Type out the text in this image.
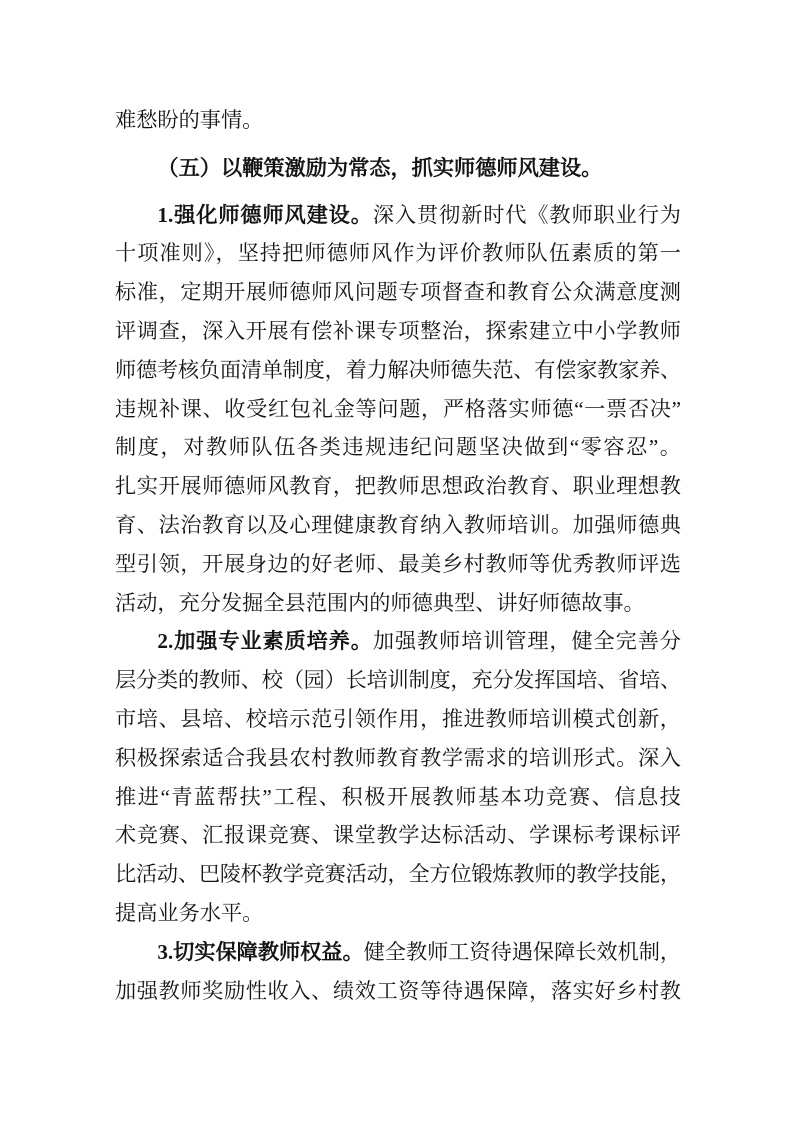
难愁盼的事情。
（五）以鞭策激励为常态，抓实师德师风建设。
1.强化师德师风建设。深入贯彻新时代《教师职业行为
十项准则》，坚持把师德师风作为评价教师队伍素质的第一
标准，定期开展师德师风问题专项督查和教育公众满意度测
评调查，深入开展有偿补课专项整治，探索建立中小学教师
师德考核负面清单制度，着力解决师德失范、有偿家教家养、
违规补课、收受红包礼金等问题，严格落实师德“一票否决”
制度，对教师队伍各类违规违纪问题坚决做到“零容忍”。
扎实开展师德师风教育，把教师思想政治教育、职业理想教
育、法治教育以及心理健康教育纳入教师培训。加强师德典
型引领，开展身边的好老师、最美乡村教师等优秀教师评选
活动，充分发掘全县范围内的师德典型、讲好师德故事。
2.加强专业素质培养。加强教师培训管理，健全完善分
层分类的教师、校（园）长培训制度，充分发挥国培、省培、
市培、县培、校培示范引领作用，推进教师培训模式创新，
积极探索适合我县农村教师教育教学需求的培训形式。深入
推进“青蓝帮扶”工程、积极开展教师基本功竞赛、信息技
术竞赛、汇报课竞赛、课堂教学达标活动、学课标考课标评
比活动、巴陵杯教学竞赛活动，全方位锻炼教师的教学技能，
提高业务水平。
3.切实保障教师权益。健全教师工资待遇保障长效机制，
加强教师奖励性收入、绩效工资等待遇保障，落实好乡村教
